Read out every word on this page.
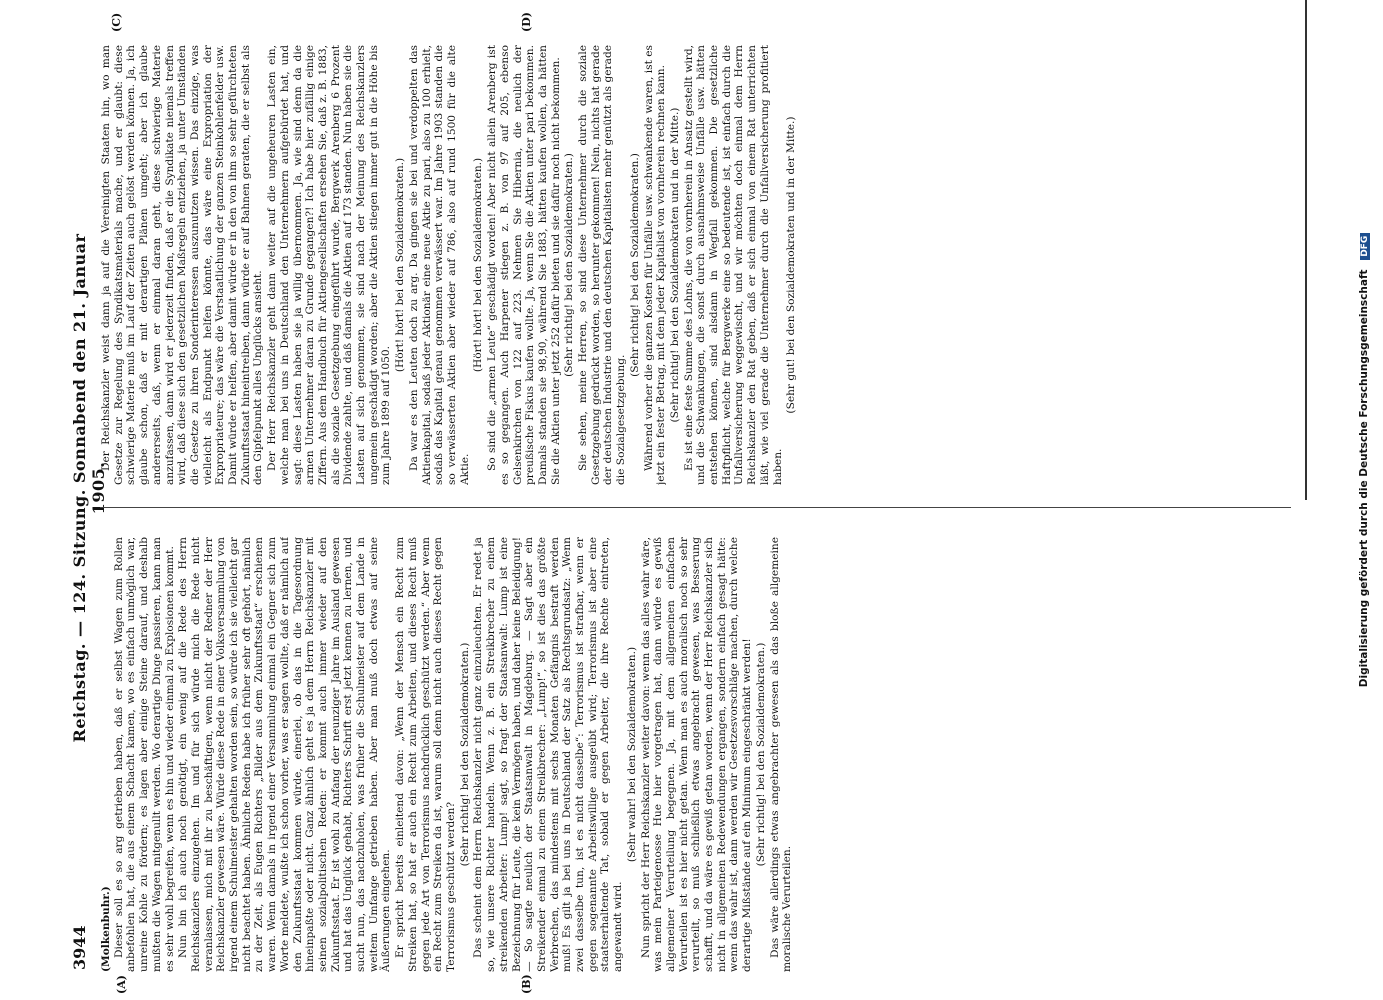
3944
Reichstag. — 124. Sitzung. Sonnabend den 21. Januar 1905.
(A)	(B)
(C)	(D)
(Molkenbuhr.) Dieser soll es so arg getrieben haben, daß er selbst Wagen zum Rollen anbefohlen hat, die aus einem Schacht kamen, wo es einfach unmöglich war, unreine Kohle zu fördern; es lagen aber einige Steine darauf, und deshalb mußten die Wagen mitgenullt werden. Wo derartige Dinge passieren, kann man es sehr wohl begreifen, wenn es hin und wieder einmal zu Explosionen kommt. Nun bin ich auch noch genötigt, ein wenig auf die Rede des Herrn Reichskanzlers einzugehen. Im und für sich würde mich die Rede nicht veranlassen, mich mit ihr zu beschäftigen, wenn nicht der Redner der Herr Reichskanzler gewesen wäre. Würde diese Rede in einer Volksversammlung von irgend einem Schulmeister gehalten worden sein, so würde ich sie vielleicht gar nicht beachtet haben. Ähnliche Reden habe ich früher sehr oft gehört, nämlich zu der Zeit, als Eugen Richters „Bilder aus dem Zukunftsstaat“ erschienen waren. Wenn damals in irgend einer Versammlung einmal ein Gegner sich zum Worte meldete, wußte ich schon vorher, was er sagen wollte, daß er nämlich auf den Zukunftsstaat kommen würde, einerlei, ob das in die Tagesordnung hineinpaßte oder nicht. Ganz ähnlich geht es ja dem Herrn Reichskanzler mit seinen sozialpolitischen Reden: er kommt auch immer wieder auf den Zukunftsstaat. Er ist wohl zu Anfang der neunziger Jahre im Ausland gewesen und hat das Unglück gehabt, Richters Schrift erst jetzt kennen zu lernen, und sucht nun, das nachzuholen, was früher die Schulmeister auf dem Lande in weitem Umfange getrieben haben. Aber man muß doch etwas auf seine Äußerungen eingehen. Er spricht bereits einleitend davon: „Wenn der Mensch ein Recht zum Streiken hat, so hat er auch ein Recht zum Arbeiten, und dieses Recht muß gegen jede Art von Terrorismus nachdrücklich geschützt werden.“ Aber wenn ein Recht zum Streiken da ist, warum soll denn nicht auch dieses Recht gegen Terrorismus geschützt werden?

(Sehr richtig! bei den Sozialdemokraten.) Das scheint dem Herrn Reichskanzler nicht ganz einzuleuchten. Er redet ja so, wie unsere Richter handeln. Wenn z. B. ein Streikbrecher zu einem streikenden Arbeiter: Lump! sagt, so fragt der Staatsanwalt: Lump ist eine Bezeichnung für Leute, die kein Vermögen haben, und daher keine Beleidigung! — So sagte neulich der Staatsanwalt in Magdeburg. — Sagt aber ein Streikender einmal zu einem Streikbrecher: „Lump!“, so ist dies das größte Verbrechen, das mindestens mit sechs Monaten Gefängnis bestraft werden muß! Es gilt ja bei uns in Deutschland der Satz als Rechtsgrundsatz: „Wenn zwei dasselbe tun, ist es nicht dasselbe“: Terrorismus ist strafbar, wenn er gegen sogenannte Arbeitswillige ausgeübt wird; Terrorismus ist aber eine staatserhaltende Tat, sobald er gegen Arbeiter, die ihre Rechte eintreten, angewandt wird.

(Sehr wahr! bei den Sozialdemokraten.) Nun spricht der Herr Reichskanzler weiter davon: wenn das alles wahr wäre, was mein Parteigenosse Hue hier vorgetragen hat, dann würde es gewiß allgemeiner Verurteilung begegnen. Ja, mit dem allgemeinen einfachen Verurteilen ist es hier nicht getan. Wenn man es auch moralisch noch so sehr verurteilt, so muß schließlich etwas angebracht gewesen, was Besserung schafft, und da wäre es gewiß getan worden, wenn der Herr Reichskanzler sich nicht in allgemeinen Redewendungen ergangen, sondern einfach gesagt hätte: wenn das wahr ist, dann werden wir Gesetzesvorschläge machen, durch welche derartige Mißstände auf ein Minimum eingeschränkt werden! (Sehr richtig! bei den Sozialdemokraten.) Das wäre allerdings etwas angebrachter gewesen als das bloße allgemeine moralische Verurteilen.

Der Reichskanzler weist dann ja auf die Vereinigten Staaten hin, wo man Gesetze zur Regelung des Syndikatsmaterials mache, und er glaubt: diese schwierige Materie muß im Lauf der Zeiten auch gelöst werden können. Ja, ich glaube schon, daß er mit derartigen Plänen umgeht; aber ich glaube andererseits, daß, wenn er einmal daran geht, diese schwierige Materie anzufassen, dann wird er jederzeit finden, daß er die Syndikate niemals treffen wird, daß diese sich den gesetzlichen Maßregeln entziehen, ja unter Umständen die Gesetze zu ihren Sonderinteressen auszunutzen wissen. Das einzige, was vielleicht als Endpunkt helfen könnte, das wäre eine Expropriation der Expropriateure; das wäre die Verstaatlichung der ganzen Steinkohlenfelder usw. Damit würde er helfen, aber damit würde er in den von ihm so sehr gefürchteten Zukunftsstaat hineintreiben, dann würde er auf Bahnen geraten, die er selbst als den Gipfelpunkt alles Unglücks ansieht. Der Herr Reichskanzler geht dann weiter auf die ungeheuren Lasten ein, welche man bei uns in Deutschland den Unternehmern aufgebürdet hat, und sagt: diese Lasten haben sie ja willig übernommen. Ja, wie sind denn da die armen Unternehmer daran zu Grunde gegangen?! Ich habe hier zufällig einige Ziffern. Aus dem Handbuch für Aktiengesellschaften ersehen Sie, daß z. B. 1883, als die soziale Gesetzgebung eingeführt wurde, Bergwerk Arenberg 6 Prozent Dividende zahlte, und daß damals die Aktien auf 173 standen. Nun haben sie die Lasten auf sich genommen, sie sind nach der Meinung des Reichskanzlers ungemein geschädigt worden; aber die Aktien stiegen immer gut in die Höhe bis zum Jahre 1899 auf 1050.

(Hört! hört! bei den Sozialdemokraten.) Da war es den Leuten doch zu arg. Da gingen sie bei und verdoppelten das Aktienkapital, sodaß jeder Aktionär eine neue Aktie zu pari, also zu 100 erhielt, sodaß das Kapital genau genommen verwässert war. Im Jahre 1903 standen die so verwässerten Aktien aber wieder auf 786, also auf rund 1500 für die alte Aktie.

(Hört! hört! bei den Sozialdemokraten.) So sind die „armen Leute“ geschädigt worden! Aber nicht allein Arenberg ist es so gegangen. Auch Harpener stiegen z. B. von 97 auf 205, ebenso Gelsenkirchen von 122 auf 223. Nehmen Sie Hibernia, die neulich der preußische Fiskus kaufen wollte. Ja, wenn Sie die Aktien unter pari bekommen. Damals standen sie 98,90, während Sie 1883, hätten kaufen wollen, da hätten Sie die Aktien unter jetzt 252 dafür bieten und sie dafür noch nicht bekommen. (Sehr richtig! bei den Sozialdemokraten.) Sie sehen, meine Herren, so sind diese Unternehmer durch die soziale Gesetzgebung gedrückt worden, so herunter gekommen! Nein, nichts hat gerade der deutschen Industrie und den deutschen Kapitalisten mehr genützt als gerade die Sozialgesetzgebung.

(Sehr richtig! bei den Sozialdemokraten.) Während vorher die ganzen Kosten für Unfälle usw. schwankende waren, ist es jetzt ein fester Betrag, mit dem jeder Kapitalist von vornherein rechnen kann. (Sehr richtig! bei den Sozialdemokraten und in der Mitte.) Es ist eine feste Summe des Lohns, die von vornherein in Ansatz gestellt wird, und die Schwankungen, die sonst durch ausnahmsweise Unfälle usw. hätten entstehen können, sind alsdann in Wegfall gekommen. Die gesetzliche Haftpflicht, welche für Bergwerke eine so bedeutende ist, ist einfach durch die Unfallversicherung weggewischt, und wir möchten doch einmal dem Herrn Reichskanzler den Rat geben, daß er sich einmal von einem Rat unterrichten läßt, wie viel gerade die Unternehmer durch die Unfallversicherung profitiert haben.

(Sehr gut! bei den Sozialdemokraten und in der Mitte.)

Digitalisierung gefördert durch die Deutsche Forschungsgemeinschaft DFG
